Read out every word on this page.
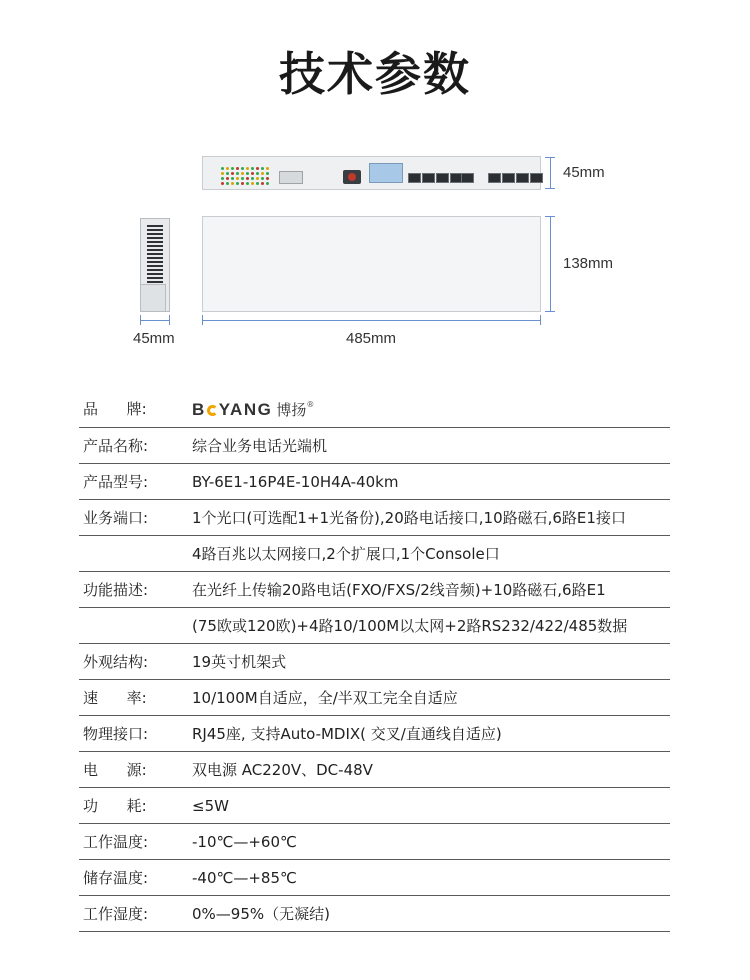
技术参数
45mm
138mm
45mm	485mm
品      牌:	B YANG 博扬®
产品名称:	综合业务电话光端机
产品型号:	BY-6E1-16P4E-10H4A-40km
业务端口:	1个光口(可选配1+1光备份),20路电话接口,10路磁石,6路E1接口
4路百兆以太网接口,2个扩展口,1个Console口
功能描述:	在光纤上传输20路电话(FXO/FXS/2线音频)+10路磁石,6路E1
(75欧或120欧)+4路10/100M以太网+2路RS232/422/485数据
外观结构:	19英寸机架式
速      率:	10/100M自适应，全/半双工完全自适应
物理接口:	RJ45座, 支持Auto-MDIX( 交叉/直通线自适应)
电      源:	双电源 AC220V、DC-48V
功      耗:	≤5W
工作温度:	-10℃—+60℃
储存温度:	-40℃—+85℃
工作湿度:	0%—95%（无凝结)
